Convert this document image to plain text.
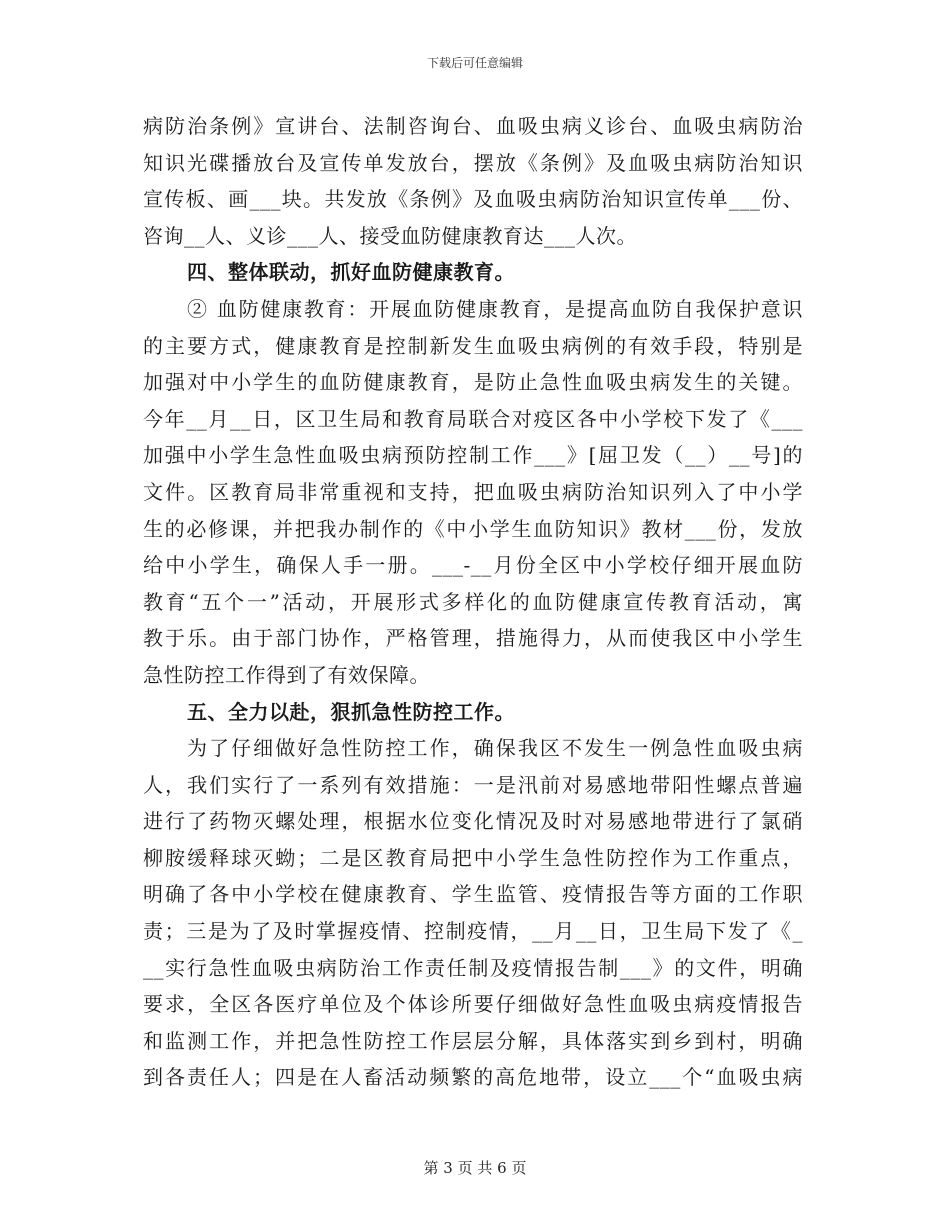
下载后可任意编辑
病防治条例》宣讲台、法制咨询台、血吸虫病义诊台、血吸虫病防治
知识光碟播放台及宣传单发放台，摆放《条例》及血吸虫病防治知识
宣传板、画___块。共发放《条例》及血吸虫病防治知识宣传单___份、
咨询__人、义诊___人、接受血防健康教育达___人次。
四、整体联动，抓好血防健康教育。
② 血防健康教育：开展血防健康教育，是提高血防自我保护意识
的主要方式，健康教育是控制新发生血吸虫病例的有效手段，特别是
加强对中小学生的血防健康教育，是防止急性血吸虫病发生的关键。
今年__月__日，区卫生局和教育局联合对疫区各中小学校下发了《___
加强中小学生急性血吸虫病预防控制工作___》[屈卫发（__）__号]的
文件。区教育局非常重视和支持，把血吸虫病防治知识列入了中小学
生的必修课，并把我办制作的《中小学生血防知识》教材___份，发放
给中小学生，确保人手一册。___-__月份全区中小学校仔细开展血防
教育“五个一”活动，开展形式多样化的血防健康宣传教育活动，寓
教于乐。由于部门协作，严格管理，措施得力，从而使我区中小学生
急性防控工作得到了有效保障。
五、全力以赴，狠抓急性防控工作。
为了仔细做好急性防控工作，确保我区不发生一例急性血吸虫病
人，我们实行了一系列有效措施：一是汛前对易感地带阳性螺点普遍
进行了药物灭螺处理，根据水位变化情况及时对易感地带进行了氯硝
柳胺缓释球灭蚴；二是区教育局把中小学生急性防控作为工作重点，
明确了各中小学校在健康教育、学生监管、疫情报告等方面的工作职
责；三是为了及时掌握疫情、控制疫情，__月__日，卫生局下发了《_
__实行急性血吸虫病防治工作责任制及疫情报告制___》的文件，明确
要求，全区各医疗单位及个体诊所要仔细做好急性血吸虫病疫情报告
和监测工作，并把急性防控工作层层分解，具体落实到乡到村，明确
到各责任人；四是在人畜活动频繁的高危地带，设立___个“血吸虫病
第 3 页 共 6 页
